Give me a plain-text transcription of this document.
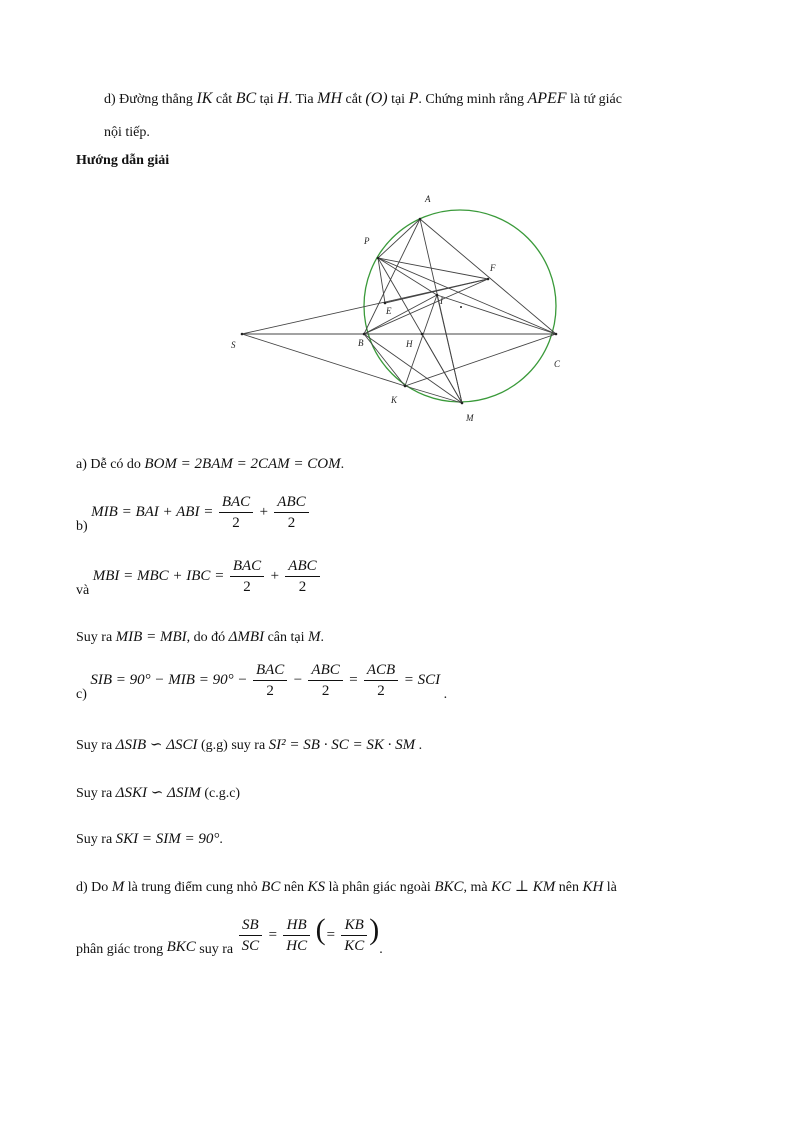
d) Đường thẳng IK cắt BC tại H. Tia MH cắt (O) tại P. Chứng minh rằng APEF là tứ giác
nội tiếp.
Hướng dẫn giải
A
P
F
I
E
S	B	H
C
K
M
a) Dễ có do BOM = 2BAM = 2CAM = COM.
b) MIB = BAI + ABI = $\frac{\text{BAC}}{2} + \frac{\text{ABC}}{2}$
và MBI = MBC + IBC = $\frac{\text{BAC}}{2} + \frac{\text{ABC}}{2}$
Suy ra MIB = MBI, do đó ΔMBI cân tại M.
c) SIB = 90° − MIB = $90^\circ - \frac{\text{BAC}}{2} - \frac{\text{ABC}}{2} = \frac{\text{ACB}}{2}$ = SCI .
Suy ra ΔSIB ∽ ΔSCI (g.g) suy ra SI² = SB · SC = SK · SM .
Suy ra ΔSKI ∽ ΔSIM (c.g.c)
Suy ra SKI = SIM = 90°.
d) Do M là trung điểm cung nhỏ BC nên KS là phân giác ngoài BKC, mà KC ⊥ KM nên KH là
phân giác trong BKC suy ra $\frac{SB}{SC} = \frac{HB}{HC}$ (= $\frac{KB}{KC}$ ).
